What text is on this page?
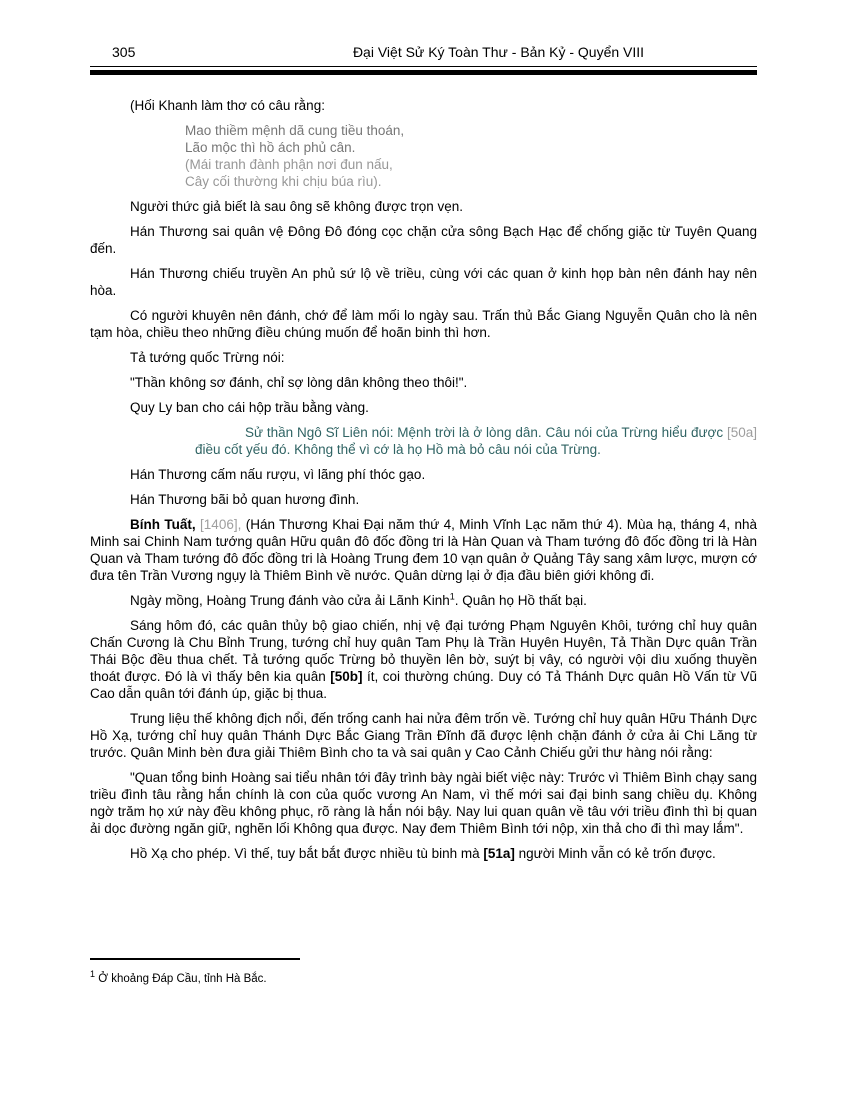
305	Đại Việt Sử Ký Toàn Thư - Bản Kỷ - Quyển VIII

(Hối Khanh làm thơ có câu rằng:

Mao thiềm mệnh dã cung tiều thoán,
Lão mộc thì hồ ách phủ cân.
(Mái tranh đành phận nơi đun nấu,
Cây cối thường khi chịu búa rìu).

Người thức giả biết là sau ông sẽ không được trọn vẹn.

Hán Thương sai quân vệ Đông Đô đóng cọc chặn cửa sông Bạch Hạc để chống giặc từ Tuyên Quang đến.

Hán Thương chiếu truyền An phủ sứ lộ về triều, cùng với các quan ở kinh họp bàn nên đánh hay nên hòa.

Có người khuyên nên đánh, chớ để làm mối lo ngày sau. Trấn thủ Bắc Giang Nguyễn Quân cho là nên tạm hòa, chiều theo những điều chúng muốn để hoãn binh thì hơn.

Tả tướng quốc Trừng nói:

"Thần không sơ đánh, chỉ sợ lòng dân không theo thôi!".

Quy Ly ban cho cái hộp trầu bằng vàng.

Sử thần Ngô Sĩ Liên nói: Mệnh trời là ở lòng dân. Câu nói của Trừng hiểu được [50a] điều cốt yếu đó. Không thể vì cớ là họ Hồ mà bỏ câu nói của Trừng.

Hán Thương cấm nấu rượu, vì lãng phí thóc gạo.

Hán Thương bãi bỏ quan hương đình.

Bính Tuất, [1406], (Hán Thương Khai Đại năm thứ 4, Minh Vĩnh Lạc năm thứ 4). Mùa hạ, tháng 4, nhà Minh sai Chinh Nam tướng quân Hữu quân đô đốc đồng tri là Hàn Quan và Tham tướng đô đốc đồng tri là Hàn Quan và Tham tướng đô đốc đồng tri là Hoàng Trung đem 10 vạn quân ở Quảng Tây sang xâm lược, mượn cớ đưa tên Trần Vương ngụy là Thiêm Bình về nước. Quân dừng lại ở địa đầu biên giới không đi.

Ngày mồng, Hoàng Trung đánh vào cửa ải Lãnh Kinh$^1$. Quân họ Hồ thất bại.

Sáng hôm đó, các quân thủy bộ giao chiến, nhị vệ đại tướng Phạm Nguyên Khôi, tướng chỉ huy quân Chấn Cương là Chu Bỉnh Trung, tướng chỉ huy quân Tam Phụ là Trần Huyên Huyên, Tả Thần Dực quân Trần Thái Bộc đều thua chết. Tả tướng quốc Trừng bỏ thuyền lên bờ, suýt bị vây, có người vội dìu xuống thuyền thoát được. Đó là vì thấy bên kia quân [50b] ít, coi thường chúng. Duy có Tả Thánh Dực quân Hồ Vấn từ Vũ Cao dẫn quân tới đánh úp, giặc bị thua.

Trung liệu thế không địch nổi, đến trống canh hai nửa đêm trốn về. Tướng chỉ huy quân Hữu Thánh Dực Hồ Xạ, tướng chỉ huy quân Thánh Dực Bắc Giang Trần Đĩnh đã được lệnh chặn đánh ở cửa ải Chi Lăng từ trước. Quân Minh bèn đưa giải Thiêm Bình cho ta và sai quân y Cao Cảnh Chiếu gửi thư hàng nói rằng:

"Quan tổng binh Hoàng sai tiểu nhân tới đây trình bày ngài biết việc này: Trước vì Thiêm Bình chạy sang triều đình tâu rằng hắn chính là con của quốc vương An Nam, vì thế mới sai đại binh sang chiều dụ. Không ngờ trăm họ xứ này đều không phục, rõ ràng là hắn nói bậy. Nay lui quan quân về tâu với triều đình thì bị quan ải dọc đường ngăn giữ, nghẽn lối Không qua được. Nay đem Thiêm Bình tới nộp, xin thả cho đi thì may lắm".

Hồ Xạ cho phép. Vì thế, tuy bắt bắt được nhiều tù binh mà [51a] người Minh vẫn có kẻ trốn được.

$^1$ Ở khoảng Đáp Cầu, tỉnh Hà Bắc.
